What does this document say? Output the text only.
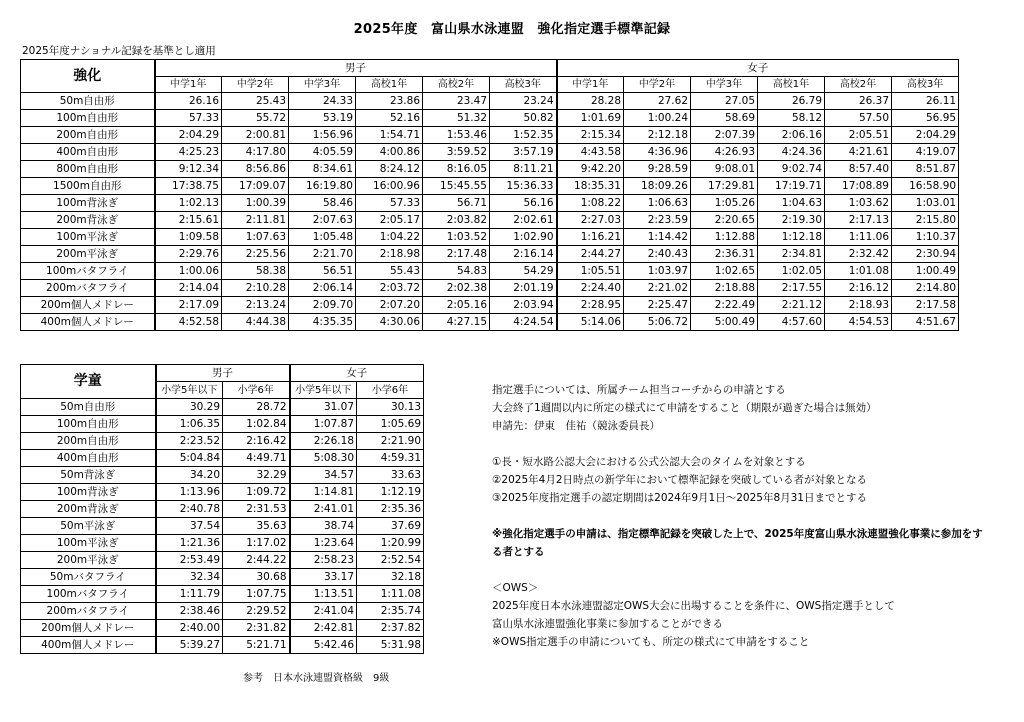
2025年度　富山県水泳連盟　強化指定選手標準記録
2025年度ナショナル記録を基準とし適用
強化	男子						女子					
	中学1年	中学2年	中学3年	高校1年	高校2年	高校3年	中学1年	中学2年	中学3年	高校1年	高校2年	高校3年
50m自由形	26.16	25.43	24.33	23.86	23.47	23.24	28.28	27.62	27.05	26.79	26.37	26.11
100m自由形	57.33	55.72	53.19	52.16	51.32	50.82	1:01.69	1:00.24	58.69	58.12	57.50	56.95
200m自由形	2:04.29	2:00.81	1:56.96	1:54.71	1:53.46	1:52.35	2:15.34	2:12.18	2:07.39	2:06.16	2:05.51	2:04.29
400m自由形	4:25.23	4:17.80	4:05.59	4:00.86	3:59.52	3:57.19	4:43.58	4:36.96	4:26.93	4:24.36	4:21.61	4:19.07
800m自由形	9:12.34	8:56.86	8:34.61	8:24.12	8:16.05	8:11.21	9:42.20	9:28.59	9:08.01	9:02.74	8:57.40	8:51.87
1500m自由形	17:38.75	17:09.07	16:19.80	16:00.96	15:45.55	15:36.33	18:35.31	18:09.26	17:29.81	17:19.71	17:08.89	16:58.90
100m背泳ぎ	1:02.13	1:00.39	58.46	57.33	56.71	56.16	1:08.22	1:06.63	1:05.26	1:04.63	1:03.62	1:03.01
200m背泳ぎ	2:15.61	2:11.81	2:07.63	2:05.17	2:03.82	2:02.61	2:27.03	2:23.59	2:20.65	2:19.30	2:17.13	2:15.80
100m平泳ぎ	1:09.58	1:07.63	1:05.48	1:04.22	1:03.52	1:02.90	1:16.21	1:14.42	1:12.88	1:12.18	1:11.06	1:10.37
200m平泳ぎ	2:29.76	2:25.56	2:21.70	2:18.98	2:17.48	2:16.14	2:44.27	2:40.43	2:36.31	2:34.81	2:32.42	2:30.94
100mバタフライ	1:00.06	58.38	56.51	55.43	54.83	54.29	1:05.51	1:03.97	1:02.65	1:02.05	1:01.08	1:00.49
200mバタフライ	2:14.04	2:10.28	2:06.14	2:03.72	2:02.38	2:01.19	2:24.40	2:21.02	2:18.88	2:17.55	2:16.12	2:14.80
200m個人メドレー	2:17.09	2:13.24	2:09.70	2:07.20	2:05.16	2:03.94	2:28.95	2:25.47	2:22.49	2:21.12	2:18.93	2:17.58
400m個人メドレー	4:52.58	4:44.38	4:35.35	4:30.06	4:27.15	4:24.54	5:14.06	5:06.72	5:00.49	4:57.60	4:54.53	4:51.67
学童	男子		女子	
	小学5年以下	小学6年	小学5年以下	小学6年
50m自由形	30.29	28.72	31.07	30.13
100m自由形	1:06.35	1:02.84	1:07.87	1:05.69
200m自由形	2:23.52	2:16.42	2:26.18	2:21.90
400m自由形	5:04.84	4:49.71	5:08.30	4:59.31
50m背泳ぎ	34.20	32.29	34.57	33.63
100m背泳ぎ	1:13.96	1:09.72	1:14.81	1:12.19
200m背泳ぎ	2:40.78	2:31.53	2:41.01	2:35.36
50m平泳ぎ	37.54	35.63	38.74	37.69
100m平泳ぎ	1:21.36	1:17.02	1:23.64	1:20.99
200m平泳ぎ	2:53.49	2:44.22	2:58.23	2:52.54
50mバタフライ	32.34	30.68	33.17	32.18
100mバタフライ	1:11.79	1:07.75	1:13.51	1:11.08
200mバタフライ	2:38.46	2:29.52	2:41.04	2:35.74
200m個人メドレー	2:40.00	2:31.82	2:42.81	2:37.82
400m個人メドレー	5:39.27	5:21.71	5:42.46	5:31.98
参考　日本水泳連盟資格級　9級
指定選手については、所属チーム担当コーチからの申請とする
大会終了1週間以内に所定の様式にて申請をすること（期限が過ぎた場合は無効）
申請先：伊東　佳祐（競泳委員長）
①長・短水路公認大会における公式公認大会のタイムを対象とする
②2025年4月2日時点の新学年において標準記録を突破している者が対象となる
③2025年度指定選手の認定期間は2024年9月1日～2025年8月31日までとする
※強化指定選手の申請は、指定標準記録を突破した上で、2025年度富山県水泳連盟強化事業に参加をする者とする
＜OWS＞
2025年度日本水泳連盟認定OWS大会に出場することを条件に、OWS指定選手として
富山県水泳連盟強化事業に参加することができる
※OWS指定選手の申請についても、所定の様式にて申請をすること
